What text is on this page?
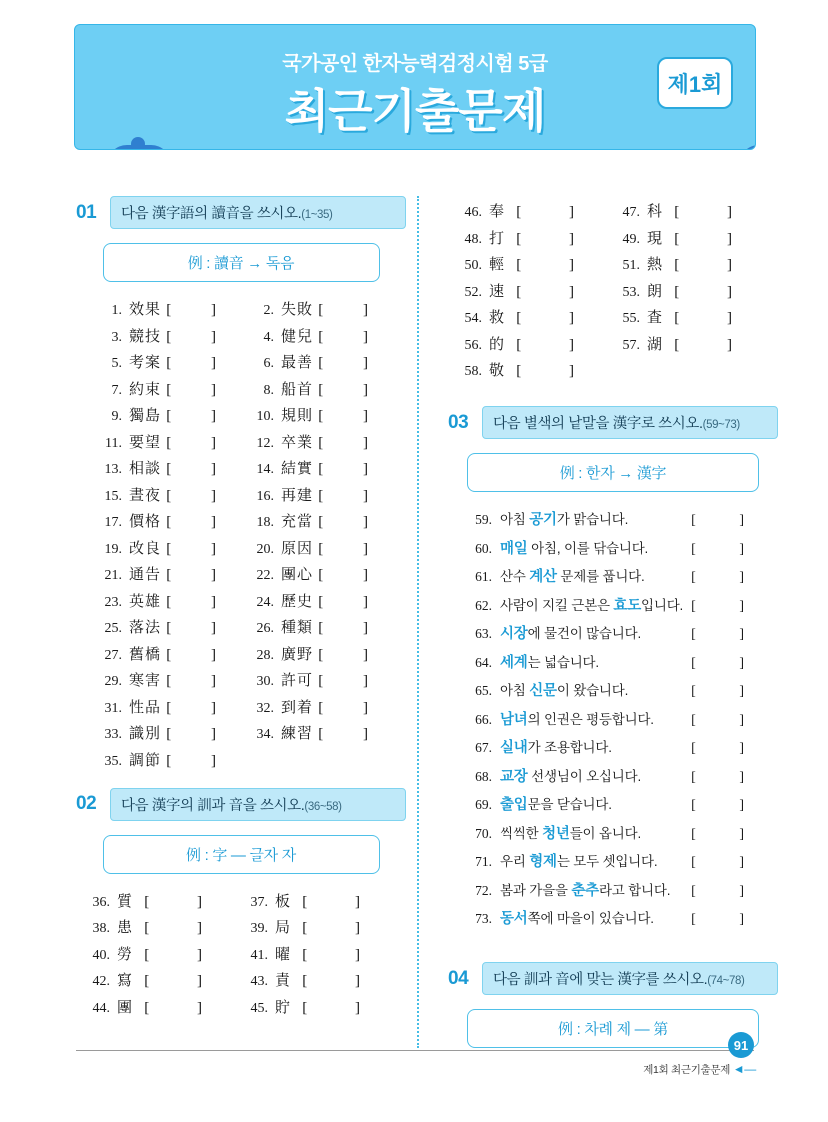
국가공인 한자능력검정시험 5급
최근기출문제
제1회
01	다음 漢字語의 讀音을 쓰시오.(1~35)
例 : 讀音 → 독음
1. 效果 [ ]	2. 失敗 [ ]
3. 競技 [ ]	4. 健兒 [ ]
5. 考案 [ ]	6. 最善 [ ]
7. 約束 [ ]	8. 船首 [ ]
9. 獨島 [ ]	10. 規則 [ ]
11. 要望 [ ]	12. 卒業 [ ]
13. 相談 [ ]	14. 結實 [ ]
15. 晝夜 [ ]	16. 再建 [ ]
17. 價格 [ ]	18. 充當 [ ]
19. 改良 [ ]	20. 原因 [ ]
21. 通告 [ ]	22. 團心 [ ]
23. 英雄 [ ]	24. 歷史 [ ]
25. 落法 [ ]	26. 種類 [ ]
27. 舊橋 [ ]	28. 廣野 [ ]
29. 寒害 [ ]	30. 許可 [ ]
31. 性品 [ ]	32. 到着 [ ]
33. 識別 [ ]	34. 練習 [ ]
35. 調節 [ ]
02	다음 漢字의 訓과 音을 쓰시오.(36~58)
例 : 字 — 글자 자
36. 質 [ ]	37. 板 [ ]
38. 患 [ ]	39. 局 [ ]
40. 勞 [ ]	41. 曜 [ ]
42. 寫 [ ]	43. 責 [ ]
44. 團 [ ]	45. 貯 [ ]
46. 奉 [ ]	47. 科 [ ]
48. 打 [ ]	49. 現 [ ]
50. 輕 [ ]	51. 熱 [ ]
52. 速 [ ]	53. 朗 [ ]
54. 救 [ ]	55. 査 [ ]
56. 的 [ ]	57. 湖 [ ]
58. 敬 [ ]
03	다음 별색의 낱말을 漢字로 쓰시오.(59~73)
例 : 한자 → 漢字
59. 아침 공기가 맑습니다.	[ ]
60. 매일 아침, 이를 닦습니다.	[ ]
61. 산수 계산 문제를 풉니다.	[ ]
62. 사람이 지킬 근본은 효도입니다. [ ]
63. 시장에 물건이 많습니다.	[ ]
64. 세계는 넓습니다.	[ ]
65. 아침 신문이 왔습니다.	[ ]
66. 남녀의 인권은 평등합니다.	[ ]
67. 실내가 조용합니다.	[ ]
68. 교장 선생님이 오십니다.	[ ]
69. 출입문을 닫습니다.	[ ]
70. 씩씩한 청년들이 옵니다.	[ ]
71. 우리 형제는 모두 셋입니다. [ ]
72. 봄과 가을을 춘추라고 합니다. [ ]
73. 동서쪽에 마을이 있습니다.	[ ]
04	다음 訓과 音에 맞는 漢字를 쓰시오.(74~78)
例 : 차례 제 — 第
91
제1회 최근기출문제 ◄—
